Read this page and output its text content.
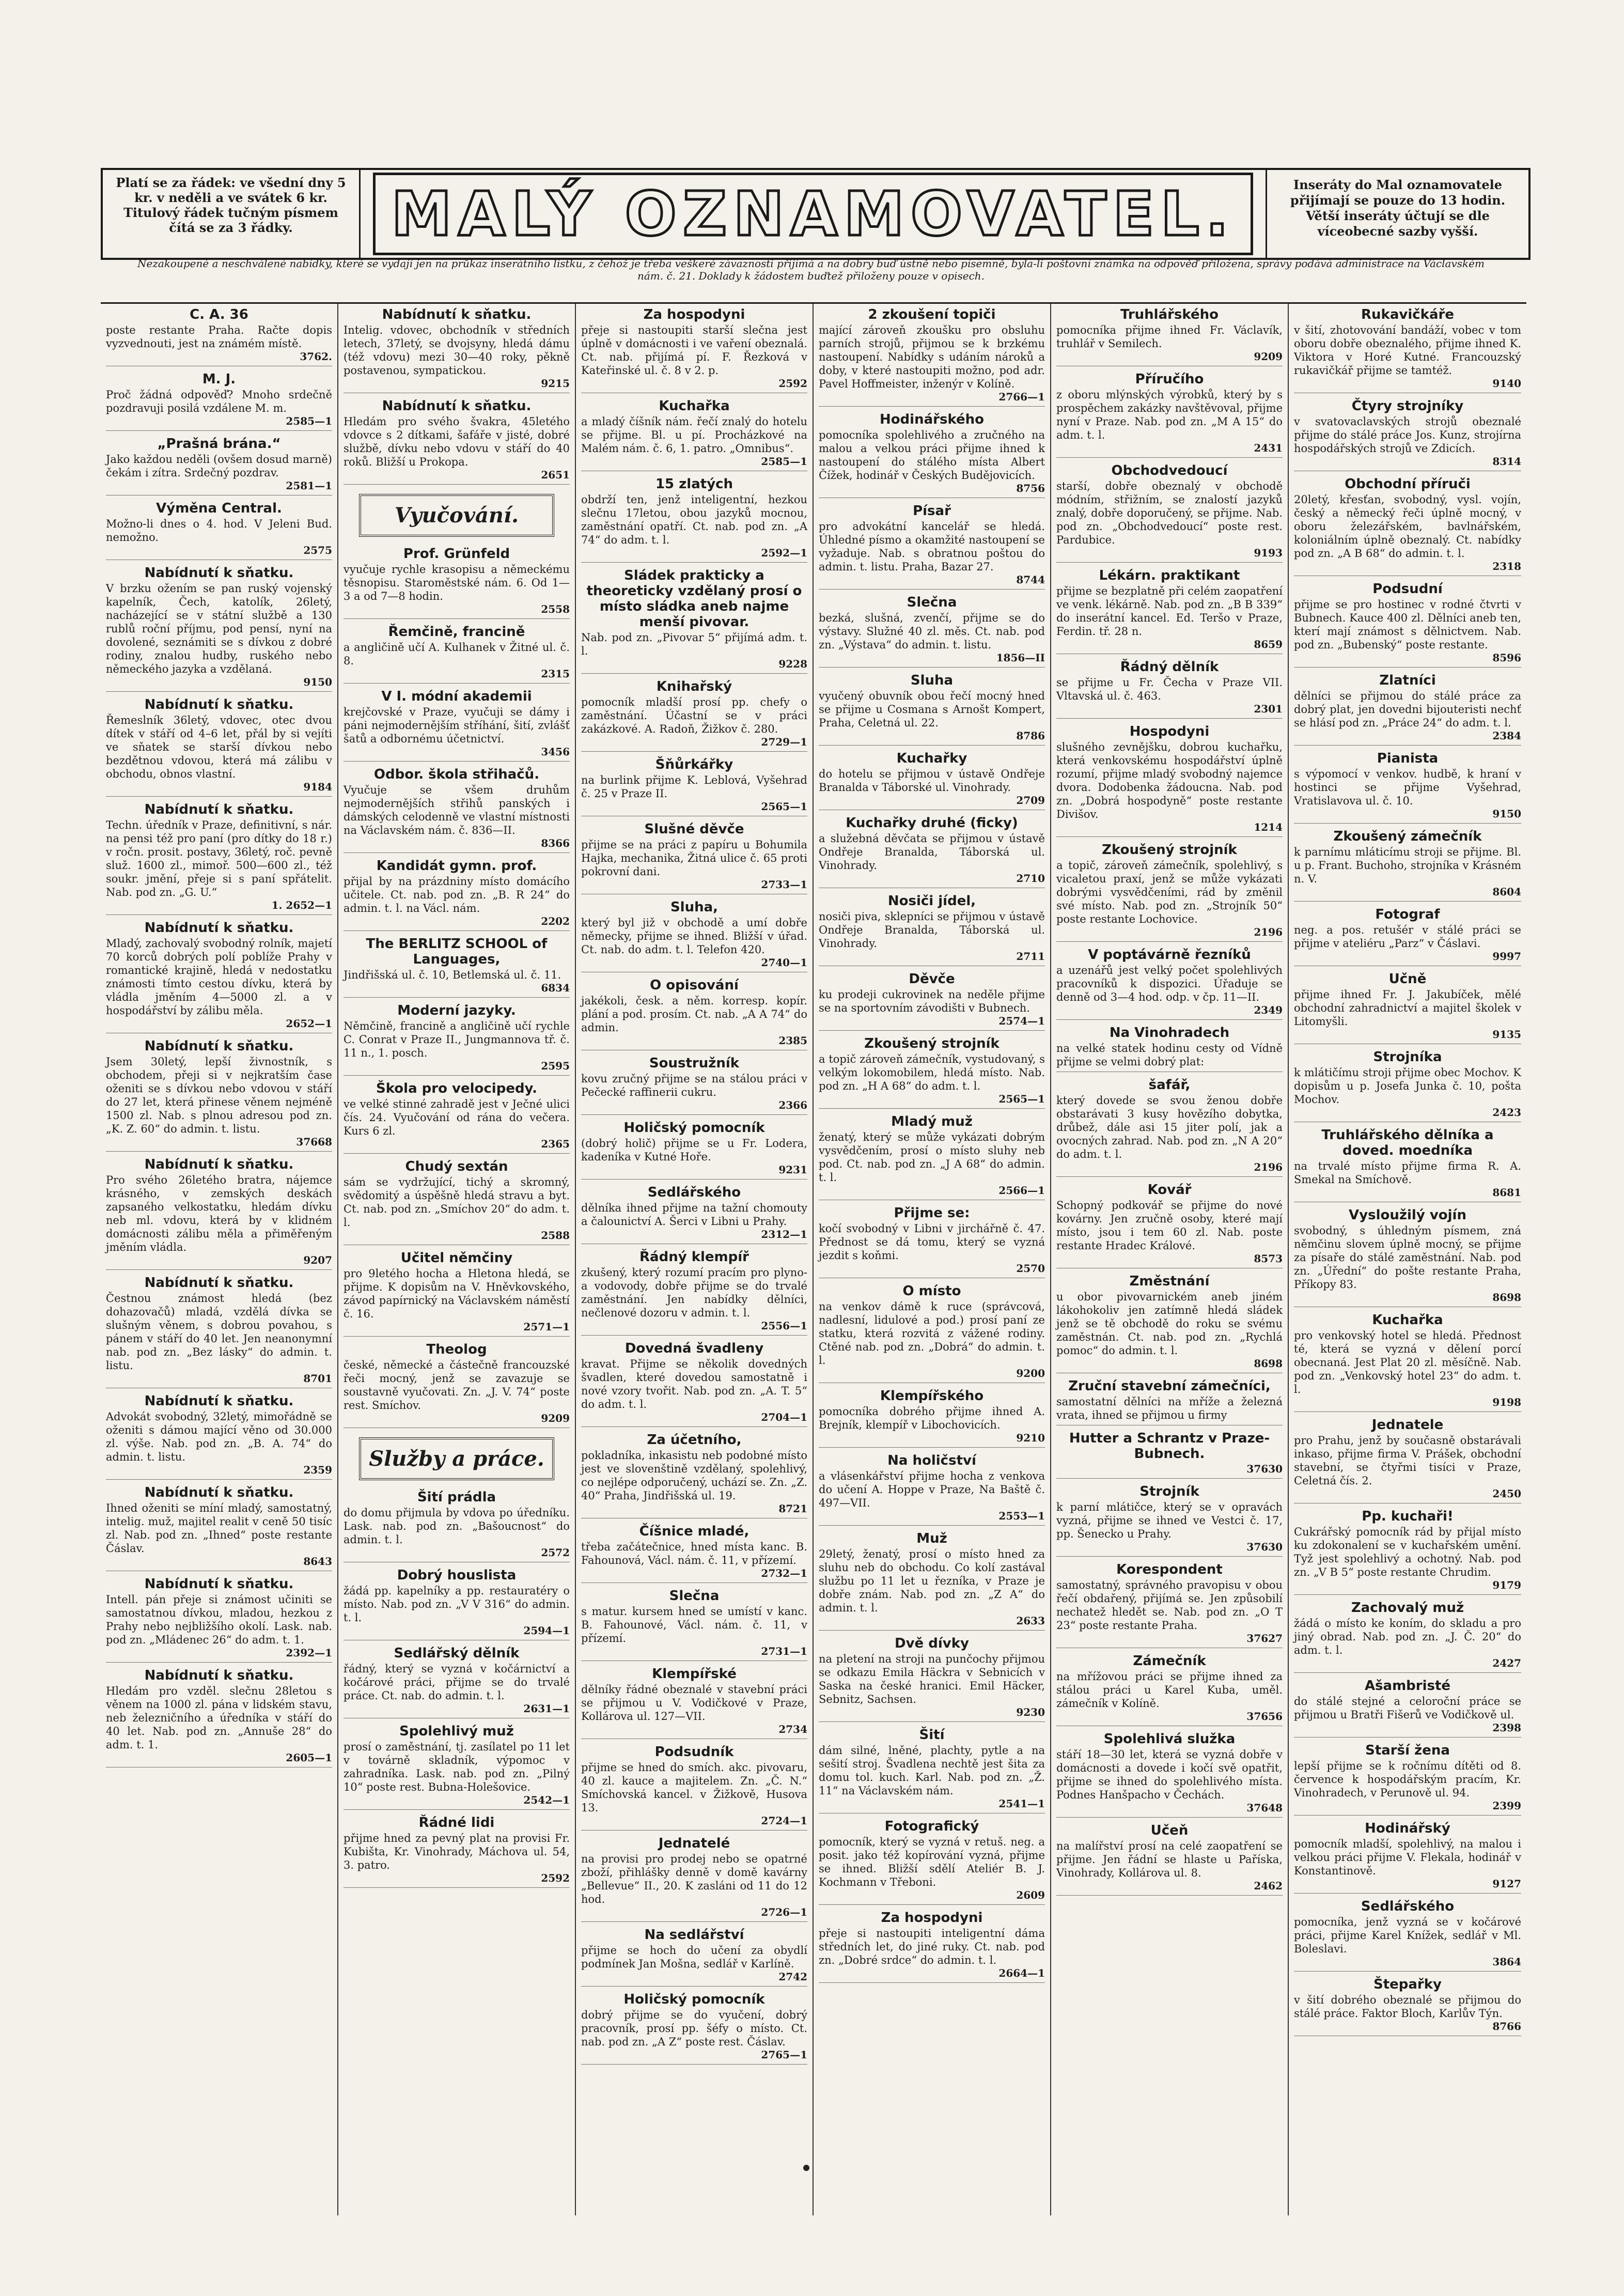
Platí se za řádek: ve všední dny 5 kr. v neděli a ve svátek 6 kr. Titulový řádek tučným písmem čítá se za 3 řádky.	MALÝ OZNAMOVATEL.	Inseráty do Mal oznamovatele přijímají se pouze do 13 hodin. Větší inseráty účtují se dle víceobecné sazby vyšší.
Nezakoupené a neschválené nabídky, které se vydají jen na průkaz inserátního lístku, z čehož je třeba veškeré závaznosti přijímá a na dobry buď ústně nebo písemně, byla-li poštovní známka na odpověď přiložena, správy podává administrace na Václavském nám. č. 21. Doklady k žádostem buďtež přiloženy pouze v opisech.
C. A. 36
poste restante Praha. Račte dopis vyzvednouti, jest na známém místě.
3762.
M. J.
Proč žádná odpověď? Mnoho srdečně pozdravuji posilá vzdálene M. m.
2585—1
„Prašná brána.“
Jako každou neděli (ovšem dosud marně) čekám i zítra. Srdečný pozdrav.
2581—1
Výměna Central.
Možno-li dnes o 4. hod. V Jeleni Bud. nemožno.
2575
Nabídnutí k sňatku.
V brzku ožením se pan ruský vojenský kapelník, Čech, katolík, 26letý, nacházející se v státní službě a 130 rublů roční příjmu, pod pensí, nyní na dovolené, seznámiti se s dívkou z dobré rodiny, znalou hudby, ruského nebo německého jazyka a vzdělaná.
9150
Nabídnutí k sňatku.
Řemeslník 36letý, vdovec, otec dvou dítek v stáří od 4–6 let, přál by si vejíti ve sňatek se starší dívkou nebo bezdětnou vdovou, která má zálibu v obchodu, obnos vlastní.
9184
Nabídnutí k sňatku.
Techn. úředník v Praze, definitivní, s nár. na pensi též pro paní (pro dítky do 18 r.) v ročn. prosit. postavy, 36letý, roč. pevně služ. 1600 zl., mimoř. 500—600 zl., též soukr. jmění, přeje si s paní spřátelit. Nab. pod zn. „G. U.“
1. 2652—1
Nabídnutí k sňatku.
Mladý, zachovalý svobodný rolník, majetí 70 korců dobrých polí poblíže Prahy v romantické krajině, hledá v nedostatku známosti tímto cestou dívku, která by vládla jměním 4—5000 zl. a v hospodářství by zálibu měla.
2652—1
Nabídnutí k sňatku.
Jsem 30letý, lepší živnostník, s obchodem, přeji si v nejkratším čase oženiti se s dívkou nebo vdovou v stáří do 27 let, která přinese věnem nejméně 1500 zl. Nab. s plnou adresou pod zn. „K. Z. 60“ do admin. t. listu.
37668
Nabídnutí k sňatku.
Pro svého 26letého bratra, nájemce krásného, v zemských deskách zapsaného velkostatku, hledám dívku neb ml. vdovu, která by v klidném domácnosti zálibu měla a přiměřeným jměním vládla.
9207
Nabídnutí k sňatku.
Čestnou známost hledá (bez dohazovačů) mladá, vzdělá dívka se slušným věnem, s dobrou povahou, s pánem v stáří do 40 let. Jen neanonymní nab. pod zn. „Bez lásky“ do admin. t. listu.
8701
Nabídnutí k sňatku.
Advokát svobodný, 32letý, mimořádně se oženiti s dámou mající věno od 30.000 zl. výše. Nab. pod zn. „B. A. 74“ do admin. t. listu.
2359
Nabídnutí k sňatku.
Ihned oženiti se míní mladý, samostatný, intelig. muž, majitel realit v ceně 50 tisíc zl. Nab. pod zn. „Ihned“ poste restante Čáslav.
8643
Nabídnutí k sňatku.
Intell. pán přeje si známost učiniti se samostatnou dívkou, mladou, hezkou z Prahy nebo nejbližšího okolí. Lask. nab. pod zn. „Mládenec 26“ do adm. t. 1.
2392—1
Nabídnutí k sňatku.
Hledám pro vzděl. slečnu 28letou s věnem na 1000 zl. pána v lidském stavu, neb železničního a úředníka v stáří do 40 let. Nab. pod zn. „Annuše 28“ do adm. t. 1.
2605—1
Nabídnutí k sňatku.
Intelig. vdovec, obchodník v středních letech, 37letý, se dvojsyny, hledá dámu (též vdovu) mezi 30—40 roky, pěkně postavenou, sympatickou.
9215
Nabídnutí k sňatku.
Hledám pro svého švakra, 45letého vdovce s 2 dítkami, šafáře v jisté, dobré službě, dívku nebo vdovu v stáří do 40 roků. Bližší u Prokopa.
2651
Vyučování.
Prof. Grünfeld
vyučuje rychle krasopisu a německému těsnopisu. Staroměstské nám. 6. Od 1—3 a od 7—8 hodin.
2558
Řemčině, francině
a angličině učí A. Kulhanek v Žitné ul. č. 8.
2315
V I. módní akademii
krejčovské v Praze, vyučuji se dámy i páni nejmodernějším stříhání, šití, zvlášť šatů a odbornému účetnictví.
3456
Odbor. škola střihačů.
Vyučuje se všem druhům nejmodernějších střihů panských i dámských celodenně ve vlastní místnosti na Václavském nám. č. 836—II.
8366
Kandidát gymn. prof.
přijal by na prázdniny místo domácího učitele. Ct. nab. pod zn. „B. R 24“ do admin. t. l. na Václ. nám.
2202
The BERLITZ SCHOOL of Languages,
Jindřišská ul. č. 10, Betlemská ul. č. 11.
6834
Moderní jazyky.
Němčině, francině a angličině učí rychle C. Conrat v Praze II., Jungmannova tř. č. 11 n., 1. posch.
2595
Škola pro velocipedy.
ve velké stinné zahradě jest v Ječné ulici čís. 24. Vyučování od rána do večera. Kurs 6 zl.
2365
Chudý sextán
sám se vydržující, tichý a skromný, svědomitý a úspěšně hledá stravu a byt. Ct. nab. pod zn. „Smíchov 20“ do adm. t. l.
2588
Učitel němčiny
pro 9letého hocha a Hletona hledá, se přijme. K dopisům na V. Hněvkovského, závod papírnický na Václavském náměstí č. 16.
2571—1
Theolog
české, německé a částečně francouzské řeči mocný, jenž se zavazuje se soustavně vyučovati. Zn. „J. V. 74“ poste rest. Smíchov.
9209
Služby a práce.
Šití prádla
do domu přijmula by vdova po úředníku. Lask. nab. pod zn. „Bašoucnost“ do admin. t. l.
2572
Dobrý houslista
žádá pp. kapelníky a pp. restauratéry o místo. Nab. pod zn. „V V 316“ do admin. t. l.
2594—1
Sedlářský dělník
řádný, který se vyzná v kočárnictví a kočárové práci, přijme se do trvalé práce. Ct. nab. do admin. t. l.
2631—1
Spolehlivý muž
prosí o zaměstnání, tj. zasílatel po 11 let v továrně skladník, výpomoc v zahradníka. Lask. nab. pod zn. „Pilný 10“ poste rest. Bubna-Holešovice.
2542—1
Řádné lidi
přijme hned za pevný plat na provisi Fr. Kubišta, Kr. Vinohrady, Máchova ul. 54, 3. patro.
2592
Za hospodyni
přeje si nastoupiti starší slečna jest úplně v domácnosti i ve vaření obeznalá. Ct. nab. přijímá pí. F. Řezková v Kateřinské ul. č. 8 v 2. p.
2592
Kuchařka
a mladý číšník nám. řečí znalý do hotelu se přijme. Bl. u pí. Procházkové na Malém nám. č. 6, 1. patro. „Omnibus“.
2585—1
15 zlatých
obdrží ten, jenž inteligentní, hezkou slečnu 17letou, obou jazyků mocnou, zaměstnání opatří. Ct. nab. pod zn. „A 74“ do adm. t. l.
2592—1
Sládek prakticky a theoreticky vzdělaný prosí o místo sládka aneb najme menší pivovar.
Nab. pod zn. „Pivovar 5“ přijímá adm. t. l.
9228
Knihařský
pomocník mladší prosí pp. chefy o zaměstnání. Účastní se v práci zakázkové. A. Radoň, Žižkov č. 280.
2729—1
Šňůrkářky
na burlink přijme K. Leblová, Vyšehrad č. 25 v Praze II.
2565—1
Slušné děvče
přijme se na práci z papíru u Bohumila Hajka, mechanika, Žitná ulice č. 65 proti pokrovní dani.
2733—1
Sluha,
který byl již v obchodě a umí dobře německy, přijme se ihned. Bližší v úřad. Ct. nab. do adm. t. l. Telefon 420.
2740—1
O opisování
jakékoli, česk. a něm. korresp. kopír. plání a pod. prosím. Ct. nab. „A A 74“ do admin.
2385
Soustružník
kovu zručný přijme se na stálou práci v Pečecké raffinerii cukru.
2366
Holičský pomocník
(dobrý holič) přijme se u Fr. Lodera, kadeníka v Kutné Hoře.
9231
Sedlářského
dělníka ihned přijme na tažní chomouty a čalounictví A. Šerci v Libni u Prahy.
2312—1
Řádný klempíř
zkušený, který rozumí pracím pro plyno- a vodovody, dobře přijme se do trvalé zaměstnání. Jen nabídky dělníci, nečlenové dozoru v admin. t. l.
2556—1
Dovedná švadleny
kravat. Přijme se několik dovedných švadlen, které dovedou samostatně i nové vzory tvořit. Nab. pod zn. „A. T. 5“ do adm. t. l.
2704—1
Za účetního,
pokladníka, inkasistu neb podobné místo jest ve slovenštině vzdělaný, spolehlivý, co nejlépe odporučený, uchází se. Zn. „Z. 40“ Praha, Jindřišská ul. 19.
8721
Číšnice mladé,
třeba začátečnice, hned místa kanc. B. Fahounová, Václ. nám. č. 11, v přízemí.
2732—1
Slečna
s matur. kursem hned se umístí v kanc. B. Fahounové, Václ. nám. č. 11, v přízemí.
2731—1
Klempířské
dělníky řádné obeznalé v stavební práci se přijmou u V. Vodičkové v Praze, Kollárova ul. 127—VII.
2734
Podsudník
přijme se hned do smích. akc. pivovaru, 40 zl. kauce a majitelem. Zn. „Č. N.“ Smíchovská kancel. v Žižkově, Husova 13.
2724—1
Jednatelé
na provisi pro prodej nebo se opatrné zboží, přihlášky denně v domě kavárny „Bellevue“ II., 20. K zasláni od 11 do 12 hod.
2726—1
Na sedlářství
přijme se hoch do učení za obydlí podmínek Jan Mošna, sedlář v Karlíně.
2742
Holičský pomocník
dobrý přijme se do vyučení, dobrý pracovník, prosí pp. šéfy o místo. Ct. nab. pod zn. „A Z“ poste rest. Čáslav.
2765—1
2 zkoušení topiči
mající zároveň zkoušku pro obsluhu parních strojů, přijmou se k brzkému nastoupení. Nabídky s udáním nároků a doby, v které nastoupiti možno, pod adr. Pavel Hoffmeister, inženýr v Kolíně.
2766—1
Hodinářského
pomocníka spolehlivého a zručného na malou a velkou práci přijme ihned k nastoupení do stálého místa Albert Čížek, hodinář v Českých Budějovicích.
8756
Písař
pro advokátní kancelář se hledá. Úhledné písmo a okamžité nastoupení se vyžaduje. Nab. s obratnou poštou do admin. t. listu. Praha, Bazar 27.
8744
Slečna
bezká, slušná, zvenčí, přijme se do výstavy. Služné 40 zl. měs. Ct. nab. pod zn. „Výstava“ do admin. t. listu.
1856—II
Sluha
vyučený obuvník obou řečí mocný hned se přijme u Cosmana s Arnošt Kompert, Praha, Celetná ul. 22.
8786
Kuchařky
do hotelu se přijmou v ústavě Ondřeje Branalda v Táborské ul. Vinohrady.
2709
Kuchařky druhé (ficky)
a služebná děvčata se přijmou v ústavě Ondřeje Branalda, Táborská ul. Vinohrady.
2710
Nosiči jídel,
nosiči piva, sklepníci se přijmou v ústavě Ondřeje Branalda, Táborská ul. Vinohrady.
2711
Děvče
ku prodeji cukrovinek na neděle přijme se na sportovním závodišti v Bubnech.
2574—1
Zkoušený strojník
a topič zároveň zámečník, vystudovaný, s velkým lokomobilem, hledá místo. Nab. pod zn. „H A 68“ do adm. t. l.
2565—1
Mladý muž
ženatý, který se může vykázati dobrým vysvědčením, prosí o místo sluhy neb pod. Ct. nab. pod zn. „J A 68“ do admin. t. l.
2566—1
Přijme se:
kočí svobodný v Libni v jirchářně č. 47. Přednost se dá tomu, který se vyzná jezdit s koňmi.
2570
O místo
na venkov dámě k ruce (správcová, nadlesní, lidulové a pod.) prosí paní ze statku, která rozvitá z vážené rodiny. Ctěné nab. pod zn. „Dobrá“ do admin. t. l.
9200
Klempířského
pomocníka dobrého přijme ihned A. Brejník, klempíř v Libochovicích.
9210
Na holičství
a vlásenkářství přijme hocha z venkova do učení A. Hoppe v Praze, Na Baště č. 497—VII.
2553—1
Muž
29letý, ženatý, prosí o místo hned za sluhu neb do obchodu. Co kolí zastával službu po 11 let u řezníka, v Praze je dobře znám. Nab. pod zn. „Z A“ do admin. t. l.
2633
Dvě dívky
na pletení na stroji na punčochy přijmou se odkazu Emila Häckra v Sebnicích v Saska na české hranici. Emil Häcker, Sebnitz, Sachsen.
9230
Šití
dám silné, lněné, plachty, pytle a na sešití stroj. Švadlena nechtě jest šita za domu tol. kuch. Karl. Nab. pod zn. „Ž. 11“ na Václavském nám.
2541—1
Fotografický
pomocník, který se vyzná v retuš. neg. a posit. jako též kopírování vyzná, přijme se ihned. Bližší sdělí Ateliér B. J. Kochmann v Třeboni.
2609
Za hospodyni
přeje si nastoupiti inteligentní dáma středních let, do jiné ruky. Ct. nab. pod zn. „Dobré srdce“ do admin. t. l.
2664—1
Truhlářského
pomocníka přijme ihned Fr. Václavík, truhlář v Semilech.
9209
Příručího
z oboru mlýnských výrobků, který by s prospěchem zakázky navštěvoval, přijme nyní v Praze. Nab. pod zn. „M A 15“ do adm. t. l.
2431
Obchodvedoucí
starší, dobře obeznalý v obchodě módním, střižním, se znalostí jazyků znalý, dobře doporučený, se přijme. Nab. pod zn. „Obchodvedoucí“ poste rest. Pardubice.
9193
Lékárn. praktikant
přijme se bezplatně při celém zaopatření ve venk. lékárně. Nab. pod zn. „B B 339“ do inserátní kancel. Ed. Teršo v Praze, Ferdin. tř. 28 n.
8659
Řádný dělník
se přijme u Fr. Čecha v Praze VII. Vltavská ul. č. 463.
2301
Hospodyni
slušného zevnějšku, dobrou kuchařku, která venkovskému hospodářství úplně rozumí, přijme mladý svobodný najemce dvora. Dodobenka žádoucna. Nab. pod zn. „Dobrá hospodyně“ poste restante Divišov.
1214
Zkoušený strojník
a topič, zároveň zámečník, spolehlivý, s vicaletou praxí, jenž se může vykázati dobrými vysvědčeními, rád by změnil své místo. Nab. pod zn. „Strojník 50“ poste restante Lochovice.
2196
V poptávárně řezníků
a uzenářů jest velký počet spolehlivých pracovníků k dispozici. Úřaduje se denně od 3—4 hod. odp. v čp. 11—II.
2349
Na Vinohradech
na velké statek hodinu cesty od Vídně přijme se velmi dobrý plat:
šafář,
který dovede se svou ženou dobře obstarávati 3 kusy hovězího dobytka, drůbež, dále asi 15 jiter polí, jak a ovocných zahrad. Nab. pod zn. „N A 20“ do adm. t. l.
2196
Kovář
Schopný podkovář se přijme do nové kovárny. Jen zručně osoby, které mají místo, jsou i tem 60 zl. Nab. poste restante Hradec Králové.
8573
Změstnání
u obor pivovarnickém aneb jiném lákohokoliv jen zatímně hledá sládek jenž se tě obchodě do roku se svému zaměstnán. Ct. nab. pod zn. „Rychlá pomoc“ do admin. t. l.
8698
Zruční stavební zámečníci,
samostatní dělníci na mříže a železná vrata, ihned se přijmou u firmy
Hutter a Schrantz v Praze-Bubnech.
37630
Strojník
k parní mlátičce, který se v opravách vyzná, přijme se ihned ve Vestci č. 17, pp. Šenecko u Prahy.
37630
Korespondent
samostatný, správného pravopisu v obou řečí obdařený, přijímá se. Jen způsobilí nechatež hledět se. Nab. pod zn. „O T 23“ poste restante Praha.
37627
Zámečník
na mřížovou práci se přijme ihned za stálou práci u Karel Kuba, uměl. zámečník v Kolíně.
37656
Spolehlivá služka
stáří 18—30 let, která se vyzná dobře v domácnosti a dovede i kočí svě opatřit, přijme se ihned do spolehlivého místa. Podnes Hanšpacho v Čechách.
37648
Učeň
na malířství prosí na celé zaopatření se přijme. Jen řádní se hlaste u Paříska, Vinohrady, Kollárova ul. 8.
2462
Rukavičkáře
v šití, zhotovování bandáží, vobec v tom oboru dobře obeznalého, přijme ihned K. Viktora v Horé Kutné. Francouzský rukavičkář přijme se tamtéž.
9140
Čtyry strojníky
v svatovaclavských strojů obeznalé přijme do stálé práce Jos. Kunz, strojírna hospodářských strojů ve Zdicích.
8314
Obchodní příruči
20letý, křesťan, svobodný, vysl. vojín, český a německý řeči úplně mocný, v oboru železářském, bavlnářském, koloniálním úplně obeznalý. Ct. nabídky pod zn. „A B 68“ do admin. t. l.
2318
Podsudní
přijme se pro hostinec v rodné čtvrti v Bubnech. Kauce 400 zl. Dělníci aneb ten, kterí mají známost s dělnictvem. Nab. pod zn. „Bubenský“ poste restante.
8596
Zlatníci
dělníci se přijmou do stálé práce za dobrý plat, jen dovedni bijouteristi nechť se hlásí pod zn. „Práce 24“ do adm. t. l.
2384
Pianista
s výpomocí v venkov. hudbě, k hraní v hostinci se přijme Vyšehrad, Vratislavova ul. č. 10.
9150
Zkoušený zámečník
k parnímu mláticímu stroji se přijme. Bl. u p. Frant. Buchoho, strojníka v Krásném n. V.
8604
Fotograf
neg. a pos. retušér v stálé práci se přijme v ateliéru „Parz“ v Čáslavi.
9997
Učně
přijme ihned Fr. J. Jakubíček, mělé obchodní zahradnictví a majitel školek v Litomyšli.
9135
Strojníka
k mlátičímu stroji přijme obec Mochov. K dopisům u p. Josefa Junka č. 10, pošta Mochov.
2423
Truhlářského dělníka a doved. moedníka
na trvalé místo přijme firma R. A. Smekal na Smíchově.
8681
Vysloužilý vojín
svobodný, s úhledným písmem, zná němčinu slovem úplně mocný, se přijme za písaře do stálé zaměstnání. Nab. pod zn. „Úřední“ do pošte restante Praha, Příkopy 83.
8698
Kuchařka
pro venkovský hotel se hledá. Přednost té, která se vyzná v dělení porcí obecnaná. Jest Plat 20 zl. měsíčně. Nab. pod zn. „Venkovský hotel 23“ do adm. t. l.
9198
Jednatele
pro Prahu, jenž by současně obstarávali inkaso, přijme firma V. Prášek, obchodní stavební, se čtyřmi tisíci v Praze, Celetná čís. 2.
2450
Pp. kuchaři!
Cukrářský pomocník rád by přijal místo ku zdokonalení se v kuchařském umění. Tyž jest spolehlivý a ochotný. Nab. pod zn. „V B 5“ poste restante Chrudim.
9179
Zachovalý muž
žádá o místo ke koním, do skladu a pro jiný obrad. Nab. pod zn. „J. Č. 20“ do adm. t. l.
2427
Ašambristé
do stálé stejné a celoroční práce se přijmou u Bratři Fišerů ve Vodičkově ul.
2398
Starší žena
lepší přijme se k ročnímu dítěti od 8. července k hospodářským pracím, Kr. Vinohradech, v Perunově ul. 94.
2399
Hodinářský
pomocník mladší, spolehlivý, na malou i velkou práci přijme V. Flekala, hodinář v Konstantinově.
9127
Sedlářského
pomocníka, jenž vyzná se v kočárové práci, přijme Karel Knížek, sedlář v Ml. Boleslavi.
3864
Štepařky
v šití dobrého obeznalé se přijmou do stálé práce. Faktor Bloch, Karlův Týn.
8766
